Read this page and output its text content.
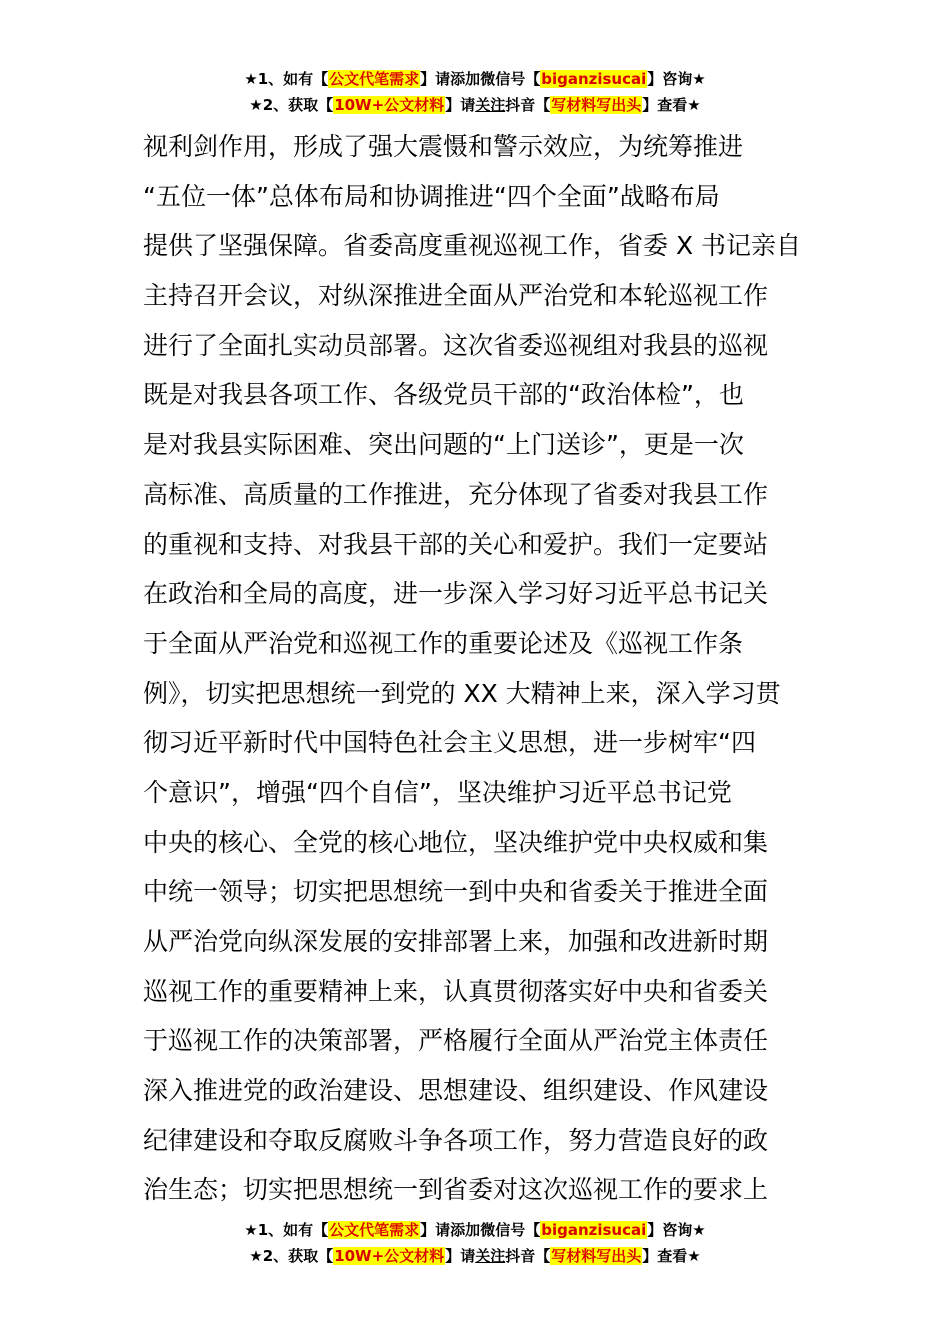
★1、如有【公文代笔需求】请添加微信号【biganzisucai】咨询★
★2、获取【10W+公文材料】请关注抖音【写材料写出头】查看★
视利剑作用，形成了强大震慑和警示效应，为统筹推进
“五位一体”总体布局和协调推进“四个全面”战略布局
提供了坚强保障。省委高度重视巡视工作，省委 X 书记亲自
主持召开会议，对纵深推进全面从严治党和本轮巡视工作
进行了全面扎实动员部署。这次省委巡视组对我县的巡视
既是对我县各项工作、各级党员干部的“政治体检”，也
是对我县实际困难、突出问题的“上门送诊”，更是一次
高标准、高质量的工作推进，充分体现了省委对我县工作
的重视和支持、对我县干部的关心和爱护。我们一定要站
在政治和全局的高度，进一步深入学习好习近平总书记关
于全面从严治党和巡视工作的重要论述及《巡视工作条
例》，切实把思想统一到党的 XX 大精神上来，深入学习贯
彻习近平新时代中国特色社会主义思想，进一步树牢“四
个意识”，增强“四个自信”，坚决维护习近平总书记党
中央的核心、全党的核心地位，坚决维护党中央权威和集
中统一领导；切实把思想统一到中央和省委关于推进全面
从严治党向纵深发展的安排部署上来，加强和改进新时期
巡视工作的重要精神上来，认真贯彻落实好中央和省委关
于巡视工作的决策部署，严格履行全面从严治党主体责任
深入推进党的政治建设、思想建设、组织建设、作风建设
纪律建设和夺取反腐败斗争各项工作，努力营造良好的政
治生态；切实把思想统一到省委对这次巡视工作的要求上
★1、如有【公文代笔需求】请添加微信号【biganzisucai】咨询★
★2、获取【10W+公文材料】请关注抖音【写材料写出头】查看★
